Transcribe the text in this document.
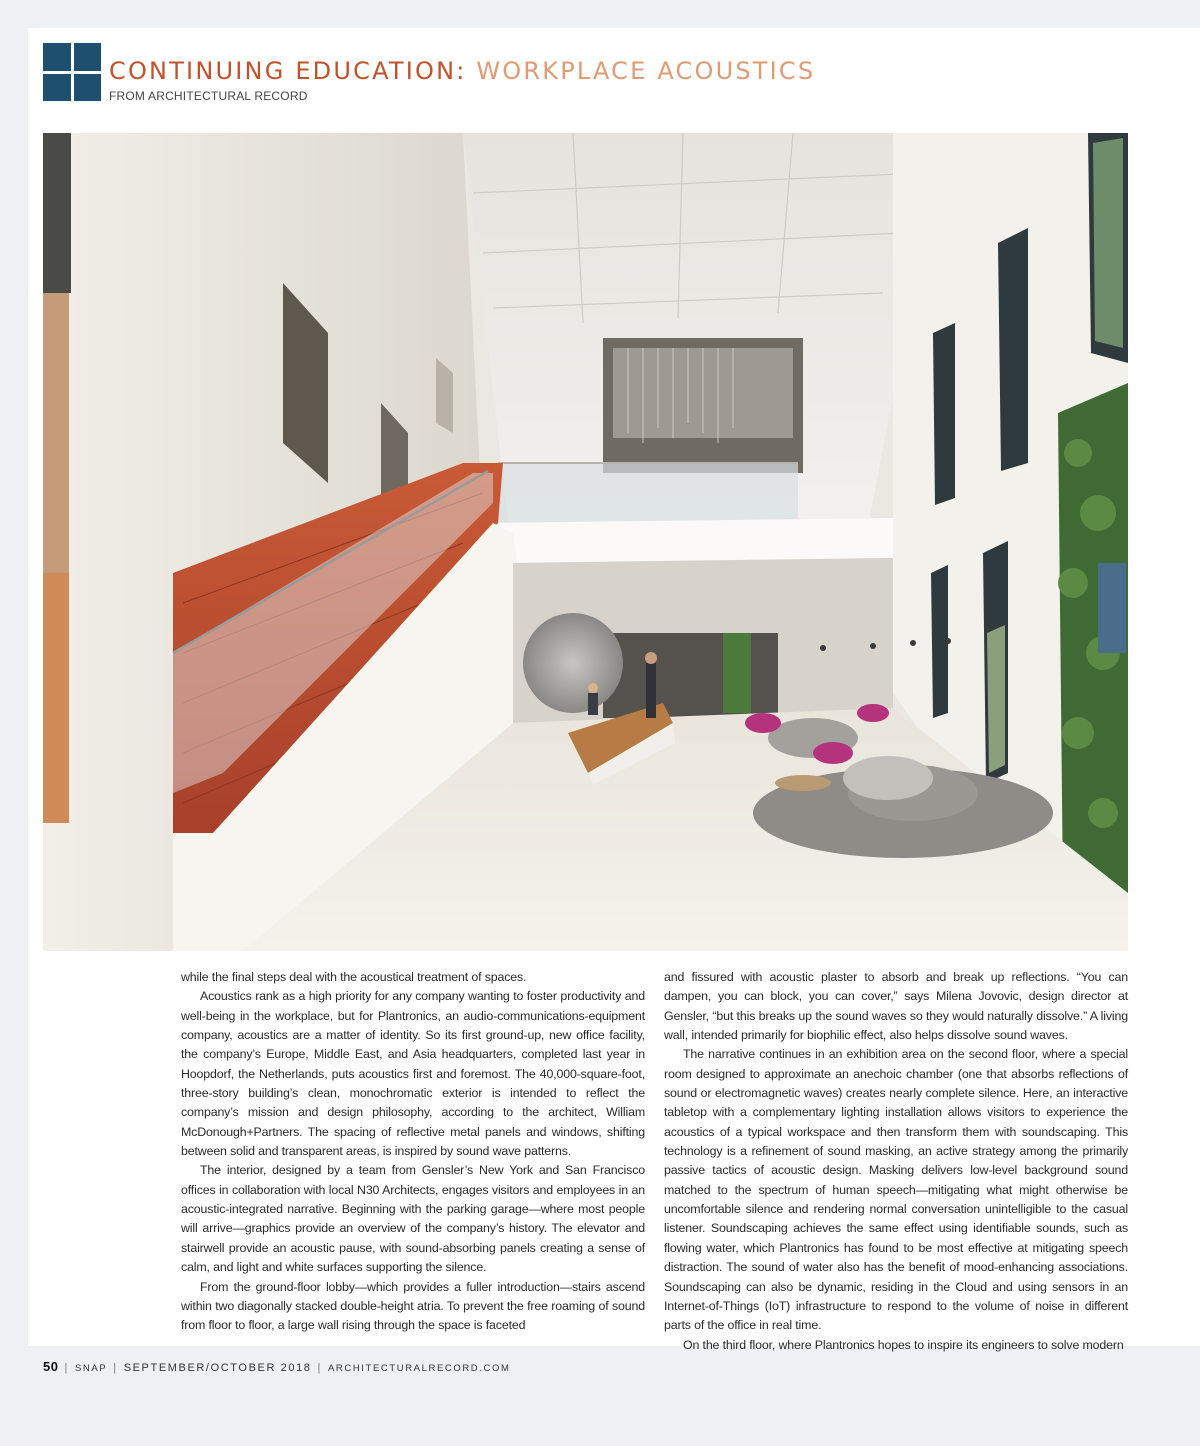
CONTINUING EDUCATION: WORKPLACE ACOUSTICS
FROM ARCHITECTURAL RECORD

while the final steps deal with the acoustical treatment of spaces.

Acoustics rank as a high priority for any company wanting to foster productivity and well-being in the workplace, but for Plantronics, an audio-communications-equipment company, acoustics are a matter of identity. So its first ground-up, new office facility, the company’s Europe, Middle East, and Asia headquarters, completed last year in Hoopdorf, the Netherlands, puts acoustics first and foremost. The 40,000-square-foot, three-story building’s clean, monochromatic exterior is intended to reflect the company’s mission and design philosophy, according to the architect, William McDonough+Partners. The spacing of reflective metal panels and windows, shifting between solid and transparent areas, is inspired by sound wave patterns.

The interior, designed by a team from Gensler’s New York and San Francisco offices in collaboration with local N30 Architects, engages visitors and employees in an acoustic-integrated narrative. Beginning with the parking garage—where most people will arrive—graphics provide an overview of the company’s history. The elevator and stairwell provide an acoustic pause, with sound-absorbing panels creating a sense of calm, and light and white surfaces supporting the silence.

From the ground-floor lobby—which provides a fuller introduction—stairs ascend within two diagonally stacked double-height atria. To prevent the free roaming of sound from floor to floor, a large wall rising through the space is faceted

and fissured with acoustic plaster to absorb and break up reflections. “You can dampen, you can block, you can cover,” says Milena Jovovic, design director at Gensler, “but this breaks up the sound waves so they would naturally dissolve.” A living wall, intended primarily for biophilic effect, also helps dissolve sound waves.

The narrative continues in an exhibition area on the second floor, where a special room designed to approximate an anechoic chamber (one that absorbs reflections of sound or electromagnetic waves) creates nearly complete silence. Here, an interactive tabletop with a complementary lighting installation allows visitors to experience the acoustics of a typical workspace and then transform them with soundscaping. This technology is a refinement of sound masking, an active strategy among the primarily passive tactics of acoustic design. Masking delivers low-level background sound matched to the spectrum of human speech—mitigating what might otherwise be uncomfortable silence and rendering normal conversation unintelligible to the casual listener. Soundscaping achieves the same effect using identifiable sounds, such as flowing water, which Plantronics has found to be most effective at mitigating speech distraction. The sound of water also has the benefit of mood-enhancing associations. Soundscaping can also be dynamic, residing in the Cloud and using sensors in an Internet-of-Things (IoT) infrastructure to respond to the volume of noise in different parts of the office in real time.

On the third floor, where Plantronics hopes to inspire its engineers to solve modern

50 | SNAP | SEPTEMBER/OCTOBER 2018 | ARCHITECTURALRECORD.COM
